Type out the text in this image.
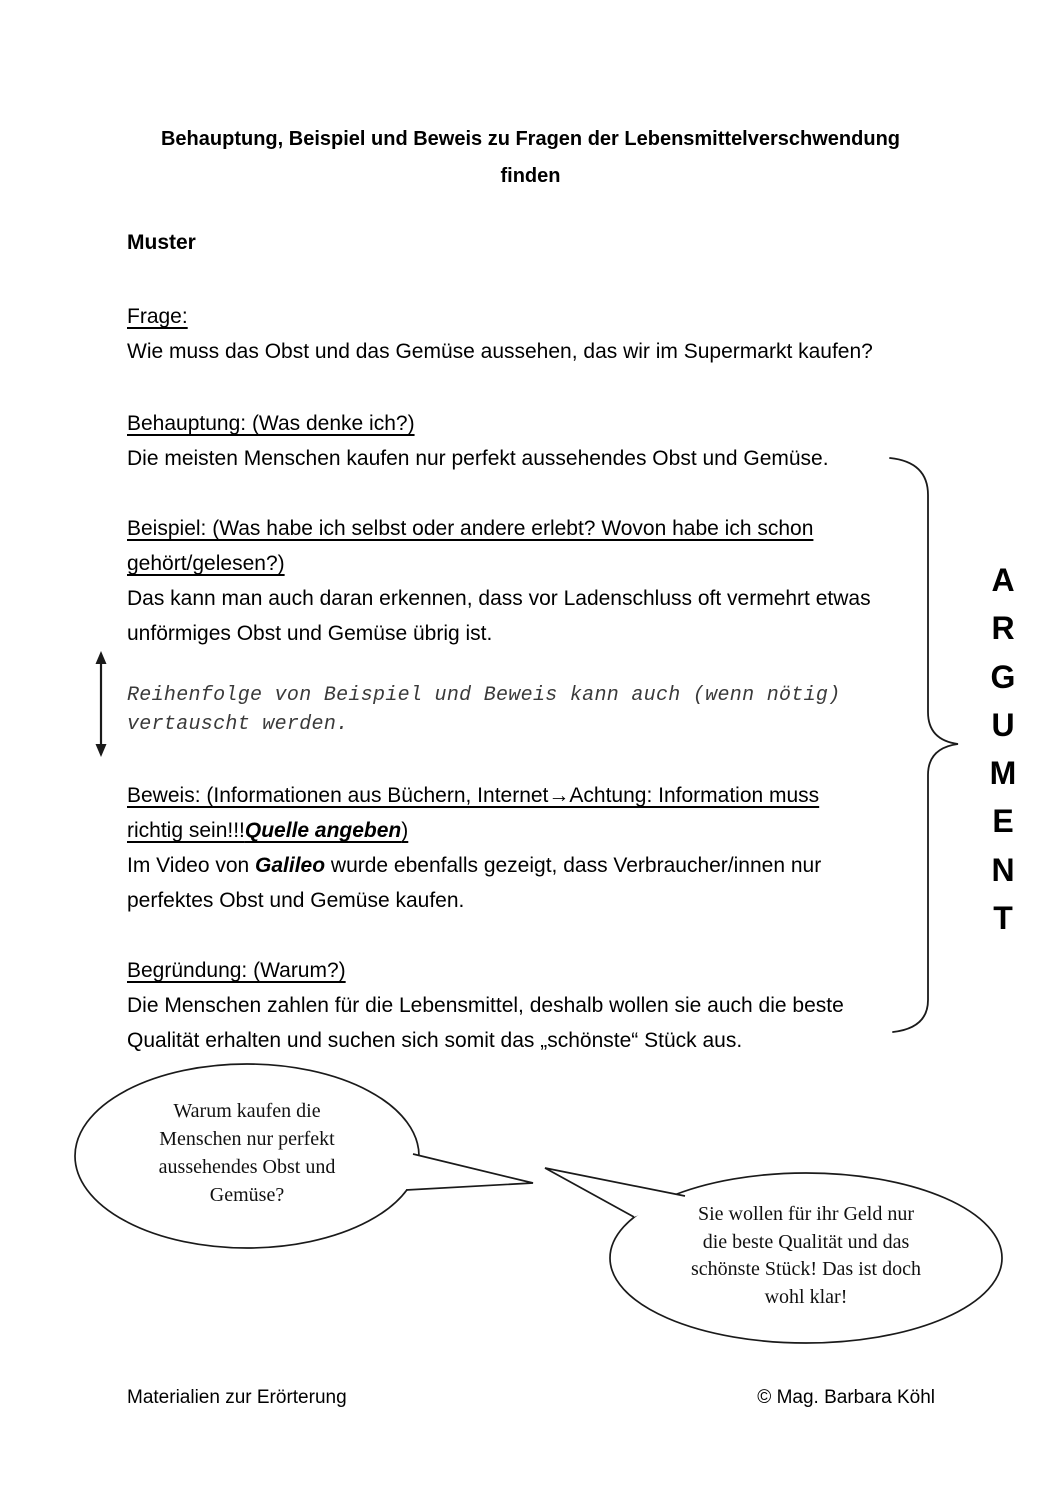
Behauptung, Beispiel und Beweis zu Fragen der Lebensmittelverschwendung
finden
Muster
Frage:
Wie muss das Obst und das Gemüse aussehen, das wir im Supermarkt kaufen?
Behauptung: (Was denke ich?)
Die meisten Menschen kaufen nur perfekt aussehendes Obst und Gemüse.
Beispiel: (Was habe ich selbst oder andere erlebt? Wovon habe ich schon
gehört/gelesen?)
Das kann man auch daran erkennen, dass vor Ladenschluss oft vermehrt etwas
unförmiges Obst und Gemüse übrig ist.
Reihenfolge von Beispiel und Beweis kann auch (wenn nötig)
vertauscht werden.
Beweis: (Informationen aus Büchern, Internet→Achtung: Information muss
richtig sein!!!Quelle angeben)
Im Video von Galileo wurde ebenfalls gezeigt, dass Verbraucher/innen nur
perfektes Obst und Gemüse kaufen.
Begründung: (Warum?)
Die Menschen zahlen für die Lebensmittel, deshalb wollen sie auch die beste
Qualität erhalten und suchen sich somit das „schönste“ Stück aus.
A
R
G
U
M
E
N
T
Warum kaufen die
Menschen nur perfekt
aussehendes Obst und
Gemüse?
Sie wollen für ihr Geld nur
die beste Qualität und das
schönste Stück! Das ist doch
wohl klar!
Materialien zur Erörterung	© Mag. Barbara Köhl
